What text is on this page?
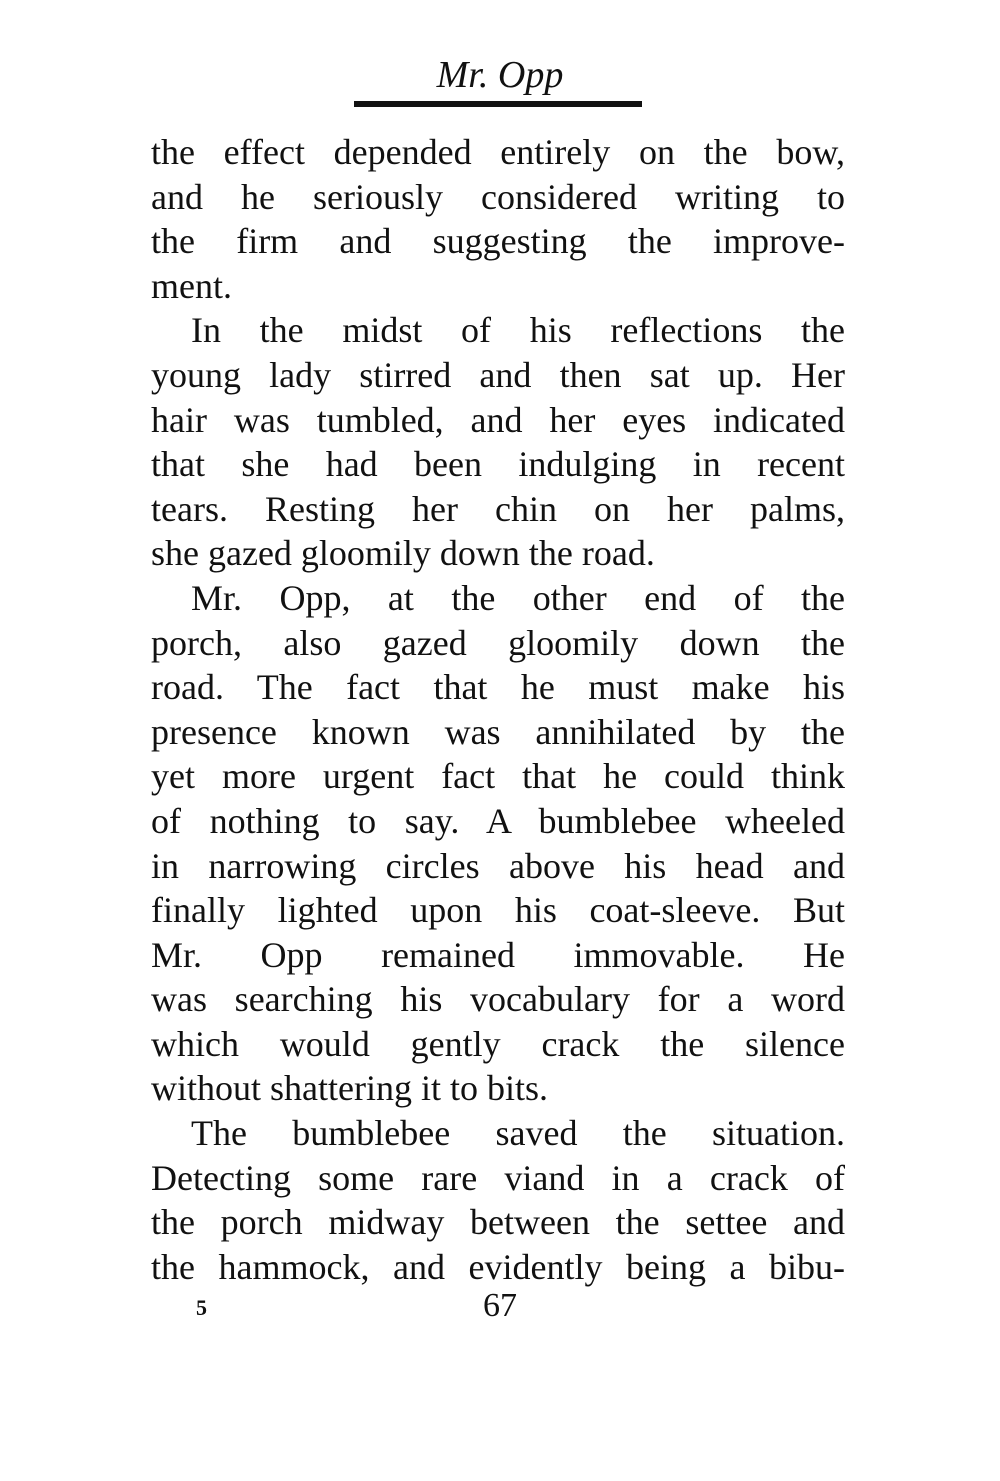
Mr. Opp
the effect depended entirely on the bow,
and he seriously considered writing to
the firm and suggesting the improve-
ment.
In the midst of his reflections the
young lady stirred and then sat up. Her
hair was tumbled, and her eyes indicated
that she had been indulging in recent
tears. Resting her chin on her palms,
she gazed gloomily down the road.
Mr. Opp, at the other end of the
porch, also gazed gloomily down the
road. The fact that he must make his
presence known was annihilated by the
yet more urgent fact that he could think
of nothing to say. A bumblebee wheeled
in narrowing circles above his head and
finally lighted upon his coat-sleeve. But
Mr. Opp remained immovable. He
was searching his vocabulary for a word
which would gently crack the silence
without shattering it to bits.
The bumblebee saved the situation.
Detecting some rare viand in a crack of
the porch midway between the settee and
the hammock, and evidently being a bibu-
5	67
